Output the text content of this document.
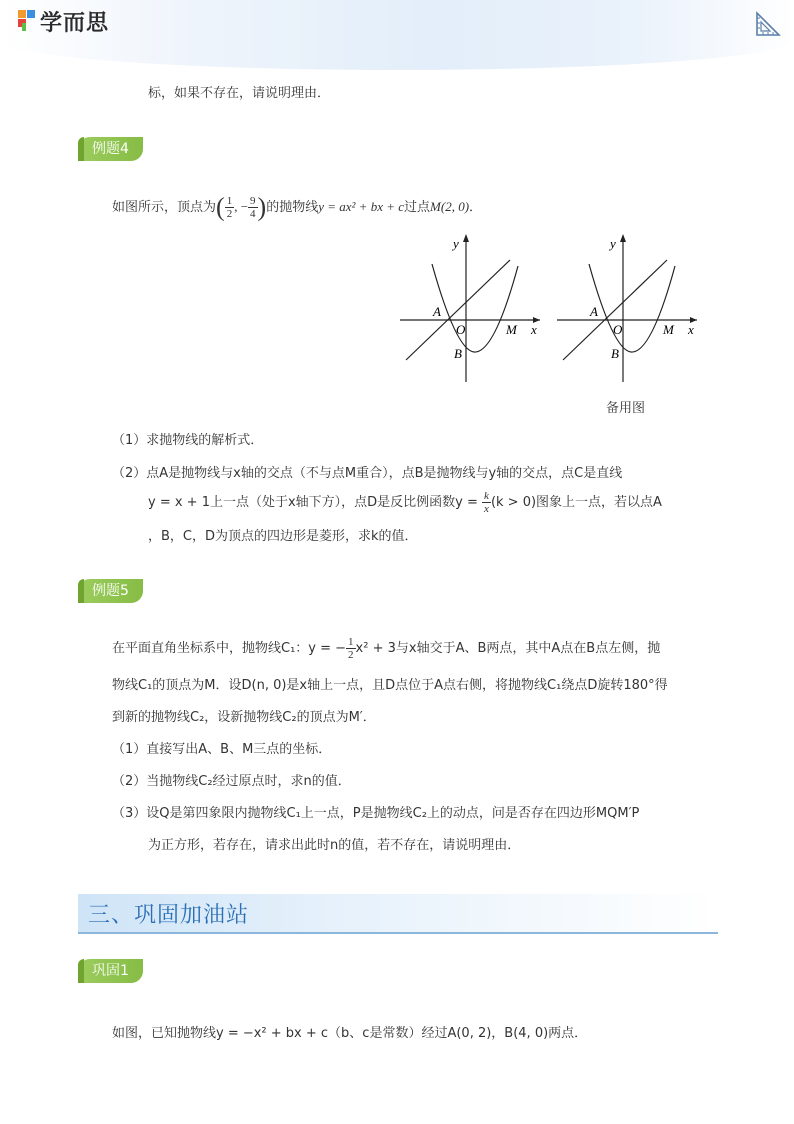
学而思
标，如果不存在，请说明理由．
例题4
如图所示，顶点为( $\frac{1}{2}$ , − $\frac{9}{4}$ )的抛物线y = ax² + bx + c过点M(2, 0)．
y
x
A
O	M
B
y
x
A
O	M
B
备用图
（1）求抛物线的解析式．
（2）点A是抛物线与x轴的交点（不与点M重合），点B是抛物线与y轴的交点，点C是直线
y = x + 1上一点（处于x轴下方），点D是反比例函数$y = \frac{k}{x} (k > 0)$图象上一点，若以点A
，B，C，D为顶点的四边形是菱形，求k的值．
例题5
在平面直角坐标系中，抛物线C₁：y = − $\frac{1}{2} x^2 + 3$与x轴交于A、B两点，其中A点在B点左侧，抛
物线C₁的顶点为M．设D(n, 0)是x轴上一点，且D点位于A点右侧，将抛物线C₁绕点D旋转180°得
到新的抛物线C₂，设新抛物线C₂的顶点为M′．
（1）直接写出A、B、M三点的坐标．
（2）当抛物线C₂经过原点时，求n的值．
（3）设Q是第四象限内抛物线C₁上一点，P是抛物线C₂上的动点，问是否存在四边形MQM′P
为正方形，若存在，请求出此时n的值，若不存在，请说明理由．
三、巩固加油站
巩固1
如图，已知抛物线y = −x² + bx + c（b、c是常数）经过A(0, 2)，B(4, 0)两点．
